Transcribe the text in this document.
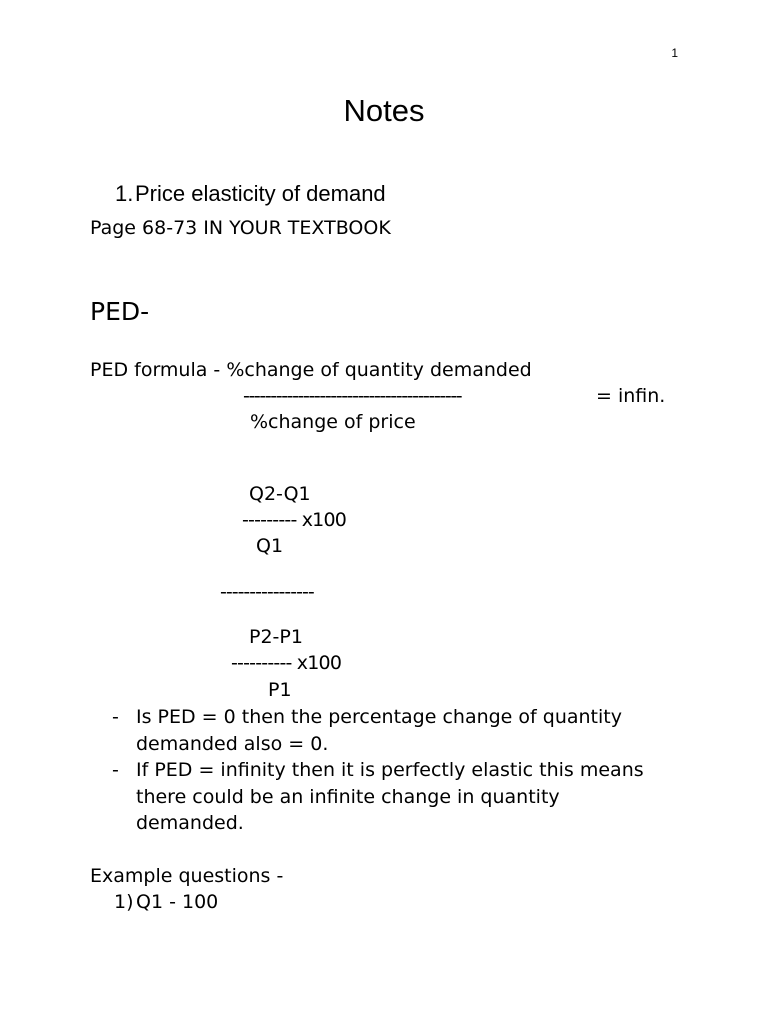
1
Notes
1. Price elasticity of demand
Page 68-73 IN YOUR TEXTBOOK
PED-
PED formula - %change of quantity demanded
----------------------------------------	= infin.
%change of price
Q2-Q1
--------- x100
Q1
----------------
P2-P1
---------- x100
P1
- Is PED = 0 then the percentage change of quantity
demanded also = 0.
- If PED = infinity then it is perfectly elastic this means
there could be an infinite change in quantity
demanded.
Example questions -
1) Q1 - 100
